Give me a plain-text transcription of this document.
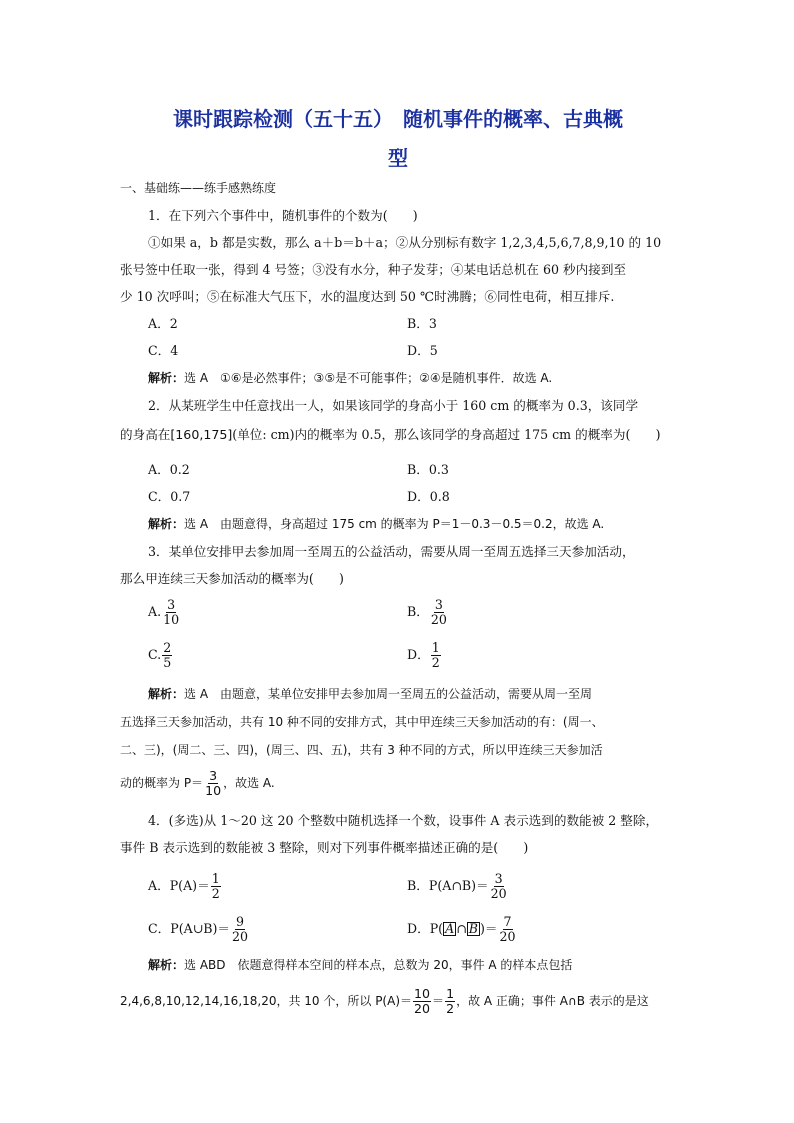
课时跟踪检测（五十五）　随机事件的概率、古典概
型
一、基础练——练手感熟练度
1．在下列六个事件中，随机事件的个数为(　　)
①如果 a，b 都是实数，那么 a＋b＝b＋a；②从分别标有数字 1,2,3,4,5,6,7,8,9,10 的 10
张号签中任取一张，得到 4 号签；③没有水分，种子发芽；④某电话总机在 60 秒内接到至
少 10 次呼叫；⑤在标准大气压下，水的温度达到 50 ℃时沸腾；⑥同性电荷，相互排斥.
A．2	B．3
C．4	D．5
解析：选 A　①⑥是必然事件；③⑤是不可能事件；②④是随机事件．故选 A.
2．从某班学生中任意找出一人，如果该同学的身高小于 160 cm 的概率为 0.3，该同学
的身高在[160,175](单位: cm)内的概率为 0.5，那么该同学的身高超过 175 cm 的概率为(　　)
A．0.2	B．0.3
C．0.7	D．0.8
解析：选 A　由题意得，身高超过 175 cm 的概率为 P＝1－0.3－0.5＝0.2，故选 A.
3．某单位安排甲去参加周一至周五的公益活动，需要从周一至周五选择三天参加活动，
那么甲连续三天参加活动的概率为(　　)
A. $\frac{3}{10}$	B． $\frac{3}{20}$
C. $\frac{2}{5}$	D． $\frac{1}{2}$
解析：选 A　由题意，某单位安排甲去参加周一至周五的公益活动，需要从周一至周
五选择三天参加活动，共有 10 种不同的安排方式，其中甲连续三天参加活动的有：(周一、
二、三)，(周二、三、四)，(周三、四、五)，共有 3 种不同的方式，所以甲连续三天参加活
动的概率为 $P= \frac{3}{10}$ ，故选 A.
4．(多选)从 1～20 这 20 个整数中随机选择一个数，设事件 A 表示选到的数能被 2 整除，
事件 B 表示选到的数能被 3 整除，则对下列事件概率描述正确的是(　　)
A．$P(A)= \frac{1}{2}$	B．P(A∩B)＝ $\frac{3}{20}$
C．P(A∪B)＝ $\frac{9}{20}$	D．P( A ∩ B )＝ $\frac{7}{20}$
解析：选 ABD　依题意得样本空间的样本点，总数为 20，事件 A 的样本点包括
2,4,6,8,10,12,14,16,18,20，共 10 个，所以 $P(A)= \frac{10}{20} = \frac{1}{2}$ ，故 A 正确；事件 A∩B 表示的是这
